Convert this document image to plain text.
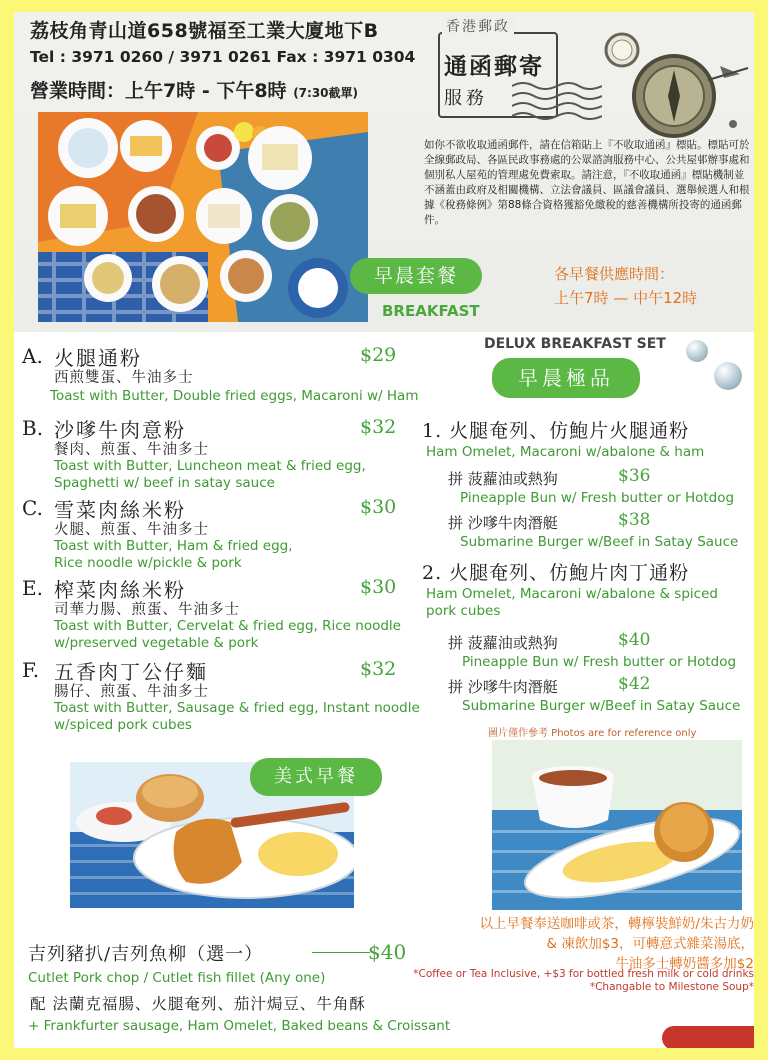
荔枝角青山道658號福至工業大廈地下B
Tel : 3971 0260 / 3971 0261 Fax : 3971 0304
營業時間：上午7時 - 下午8時 (7:30截單)
香港郵政
通函郵寄
服務
如你不欲收取通函郵件，請在信箱貼上『不收取通函』標貼。標貼可於全線郵政局、各區民政事務處的公眾諮詢服務中心、公共屋邨辦事處和個別私人屋苑的管理處免費索取。請注意，『不收取通函』標貼機制並不涵蓋由政府及相關機構、立法會議員、區議會議員、選舉候選人和根據《稅務條例》第88條合資格獲豁免繳稅的慈善機構所投寄的通函郵件。
早晨套餐
BREAKFAST
各早餐供應時間：
上午7時 — 中午12時
DELUX BREAKFAST SET
早晨極品
A. 火腿通粉	$29
西煎雙蛋、牛油多士
Toast with Butter, Double fried eggs, Macaroni w/ Ham
B. 沙嗲牛肉意粉	$32
餐肉、煎蛋、牛油多士
Toast with Butter, Luncheon meat & fried egg,
Spaghetti w/ beef in satay sauce
C. 雪菜肉絲米粉	$30
火腿、煎蛋、牛油多士
Toast with Butter, Ham & fried egg,
Rice noodle w/pickle & pork
E. 榨菜肉絲米粉	$30
司華力腸、煎蛋、牛油多士
Toast with Butter, Cervelat & fried egg, Rice noodle
w/preserved vegetable & pork
F. 五香肉丁公仔麵	$32
腸仔、煎蛋、牛油多士
Toast with Butter, Sausage & fried egg, Instant noodle
w/spiced pork cubes
1. 火腿奄列、仿鮑片火腿通粉
Ham Omelet, Macaroni w/abalone & ham
拼 菠蘿油或熱狗	$36
Pineapple Bun w/ Fresh butter or Hotdog
拼 沙嗲牛肉潛艇	$38
Submarine Burger w/Beef in Satay Sauce
2. 火腿奄列、仿鮑片肉丁通粉
Ham Omelet, Macaroni w/abalone & spiced
pork cubes
拼 菠蘿油或熱狗	$40
Pineapple Bun w/ Fresh butter or Hotdog
拼 沙嗲牛肉潛艇	$42
Submarine Burger w/Beef in Satay Sauce
美式早餐
圖片僅作參考 Photos are for reference only
以上早餐奉送咖啡或茶，轉檸裝鮮奶/朱古力奶
& 凍飲加$3，可轉意式雜菜湯底，
牛油多士轉奶醬多加$2
*Coffee or Tea Inclusive, +$3 for bottled fresh milk or cold drinks
*Changable to Milestone Soup*
吉列豬扒/吉列魚柳（選一）	$40
Cutlet Pork chop / Cutlet fish fillet (Any one)
配 法蘭克福腸、火腿奄列、茄汁焗豆、牛角酥
+ Frankfurter sausage, Ham Omelet, Baked beans & Croissant
